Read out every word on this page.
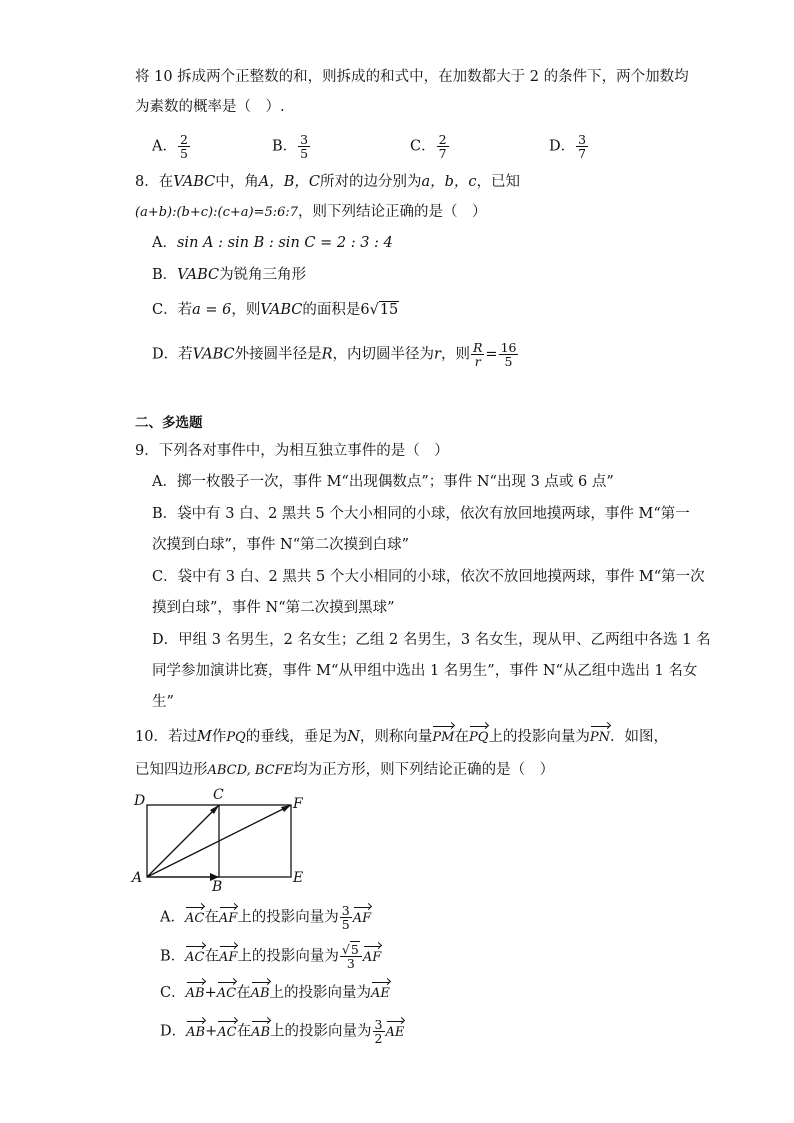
将 10 拆成两个正整数的和，则拆成的和式中，在加数都大于 2 的条件下，两个加数均
为素数的概率是（　）.
A． $\frac{2}{5}$	B． $\frac{3}{5}$	C． $\frac{2}{7}$	D． $\frac{3}{7}$
8．在VABC中，角A，B，C所对的边分别为a，b，c，已知
(a+b):(b+c):(c+a)=5:6:7，则下列结论正确的是（　）
A．sin A : sin B : sin C = 2 : 3 : 4
B．VABC为锐角三角形
C．若a = 6，则VABC的面积是6√15
D．若VABC外接圆半径是R，内切圆半径为r，则 $\frac{R}{r} = \frac{16}{5}$
二、多选题
9．下列各对事件中，为相互独立事件的是（　）
A．掷一枚骰子一次，事件 M“出现偶数点”；事件 N“出现 3 点或 6 点”
B．袋中有 3 白、2 黑共 5 个大小相同的小球，依次有放回地摸两球，事件 M“第一
次摸到白球”，事件 N“第二次摸到白球”
C．袋中有 3 白、2 黑共 5 个大小相同的小球，依次不放回地摸两球，事件 M“第一次
摸到白球”，事件 N“第二次摸到黑球”
D．甲组 3 名男生，2 名女生；乙组 2 名男生，3 名女生，现从甲、乙两组中各选 1 名
同学参加演讲比赛，事件 M“从甲组中选出 1 名男生”，事件 N“从乙组中选出 1 名女
生”
10．若过M作PQ的垂线，垂足为N，则称向量PM在PQ上的投影向量为PN．如图，
已知四边形ABCD, BCFE均为正方形，则下列结论正确的是（　）
D	C
F
A
B
E
A．AC在AF上的投影向量为 $\frac{3}{5}$ AF
B．AC在AF上的投影向量为 $\frac{√5}{3}$ AF
C．AB+AC在AB上的投影向量为AE
D．AB+AC在AB上的投影向量为 $\frac{3}{2}$ AE
